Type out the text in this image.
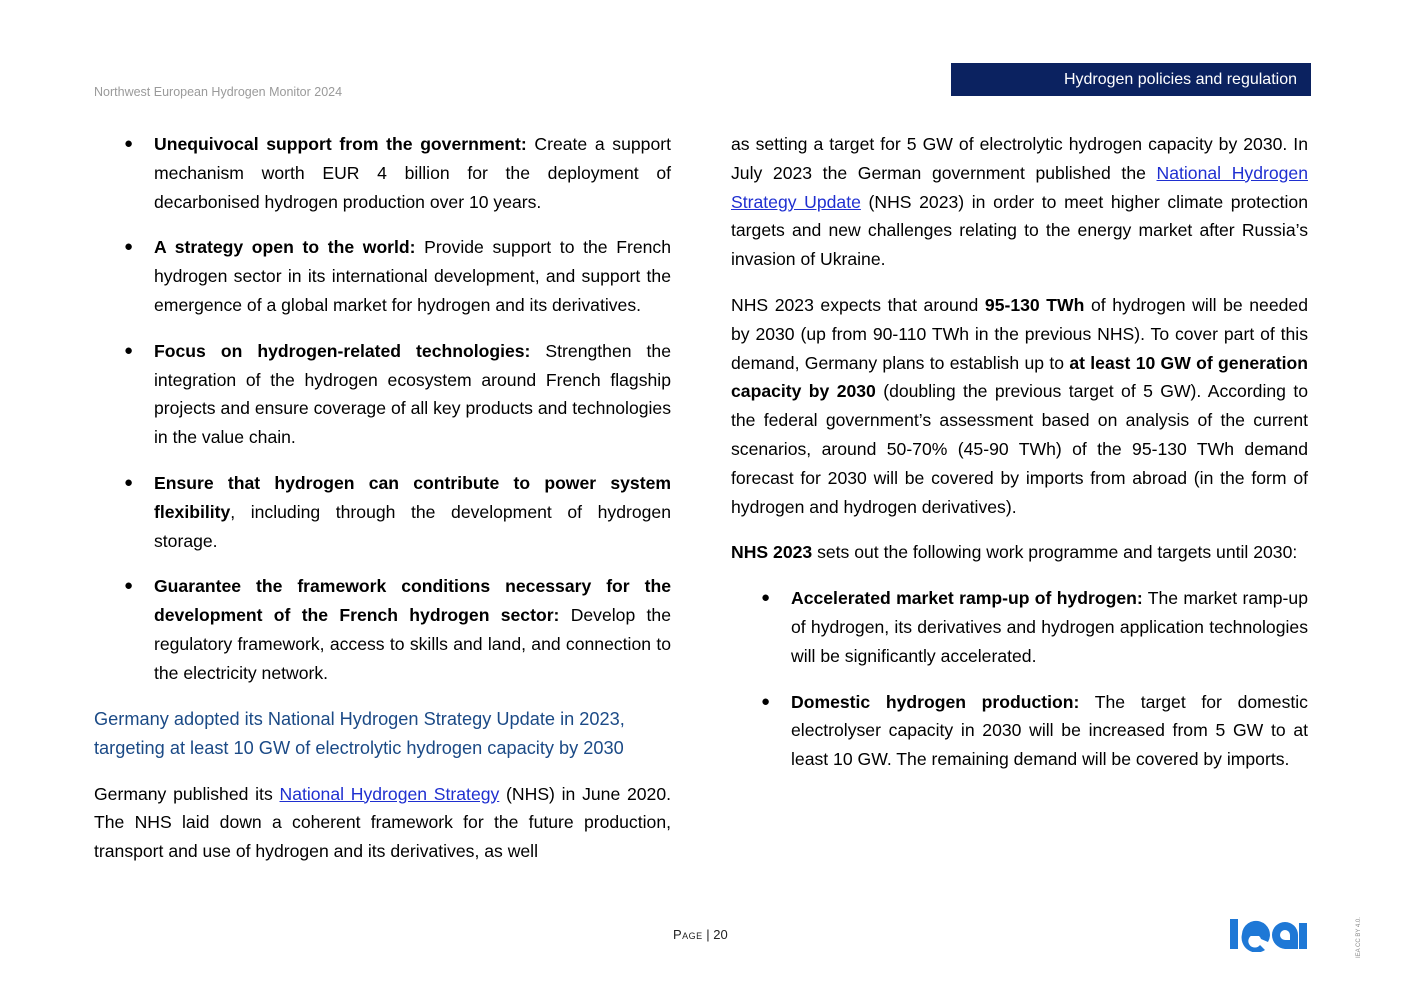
Northwest European Hydrogen Monitor 2024
Hydrogen policies and regulation
● Unequivocal support from the government: Create a support mechanism worth EUR 4 billion for the deployment of decarbonised hydrogen production over 10 years.
● A strategy open to the world: Provide support to the French hydrogen sector in its international development, and support the emergence of a global market for hydrogen and its derivatives.
● Focus on hydrogen-related technologies: Strengthen the integration of the hydrogen ecosystem around French flagship projects and ensure coverage of all key products and technologies in the value chain.
● Ensure that hydrogen can contribute to power system flexibility, including through the development of hydrogen storage.
● Guarantee the framework conditions necessary for the development of the French hydrogen sector: Develop the regulatory framework, access to skills and land, and connection to the electricity network.
Germany adopted its National Hydrogen Strategy Update in 2023, targeting at least 10 GW of electrolytic hydrogen capacity by 2030

Germany published its National Hydrogen Strategy (NHS) in June 2020. The NHS laid down a coherent framework for the future production, transport and use of hydrogen and its derivatives, as well

as setting a target for 5 GW of electrolytic hydrogen capacity by 2030. In July 2023 the German government published the National Hydrogen Strategy Update (NHS 2023) in order to meet higher climate protection targets and new challenges relating to the energy market after Russia’s invasion of Ukraine.

NHS 2023 expects that around 95-130 TWh of hydrogen will be needed by 2030 (up from 90-110 TWh in the previous NHS). To cover part of this demand, Germany plans to establish up to at least 10 GW of generation capacity by 2030 (doubling the previous target of 5 GW). According to the federal government’s assessment based on analysis of the current scenarios, around 50-70% (45-90 TWh) of the 95-130 TWh demand forecast for 2030 will be covered by imports from abroad (in the form of hydrogen and hydrogen derivatives).

NHS 2023 sets out the following work programme and targets until 2030:

● Accelerated market ramp-up of hydrogen: The market ramp-up of hydrogen, its derivatives and hydrogen application technologies will be significantly accelerated.
● Domestic hydrogen production: The target for domestic electrolyser capacity in 2030 will be increased from 5 GW to at least 10 GW. The remaining demand will be covered by imports.
Page | 20	IEA CC BY 4.0.
